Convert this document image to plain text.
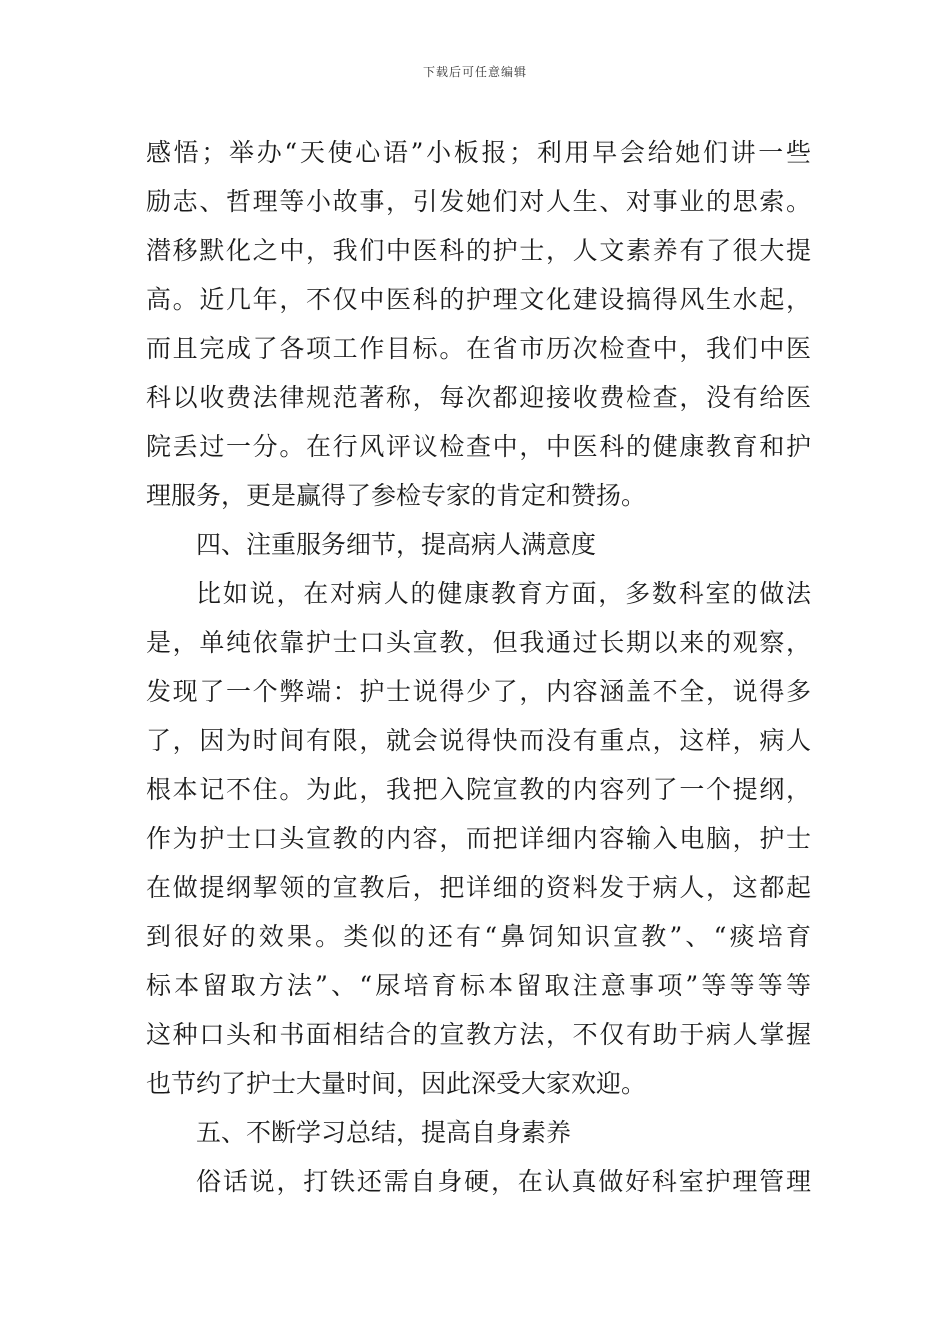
下载后可任意编辑
感悟；举办“天使心语”小板报；利用早会给她们讲一些
励志、哲理等小故事，引发她们对人生、对事业的思索。
潜移默化之中，我们中医科的护士，人文素养有了很大提
高。近几年，不仅中医科的护理文化建设搞得风生水起，
而且完成了各项工作目标。在省市历次检查中，我们中医
科以收费法律规范著称，每次都迎接收费检查，没有给医
院丢过一分。在行风评议检查中，中医科的健康教育和护
理服务，更是赢得了参检专家的肯定和赞扬。
四、注重服务细节，提高病人满意度
比如说，在对病人的健康教育方面，多数科室的做法
是，单纯依靠护士口头宣教，但我通过长期以来的观察，
发现了一个弊端：护士说得少了，内容涵盖不全，说得多
了，因为时间有限，就会说得快而没有重点，这样，病人
根本记不住。为此，我把入院宣教的内容列了一个提纲，
作为护士口头宣教的内容，而把详细内容输入电脑，护士
在做提纲挈领的宣教后，把详细的资料发于病人，这都起
到很好的效果。类似的还有“鼻饲知识宣教”、“痰培育
标本留取方法”、“尿培育标本留取注意事项”等等等等
这种口头和书面相结合的宣教方法，不仅有助于病人掌握
也节约了护士大量时间，因此深受大家欢迎。
五、不断学习总结，提高自身素养
俗话说，打铁还需自身硬，在认真做好科室护理管理
